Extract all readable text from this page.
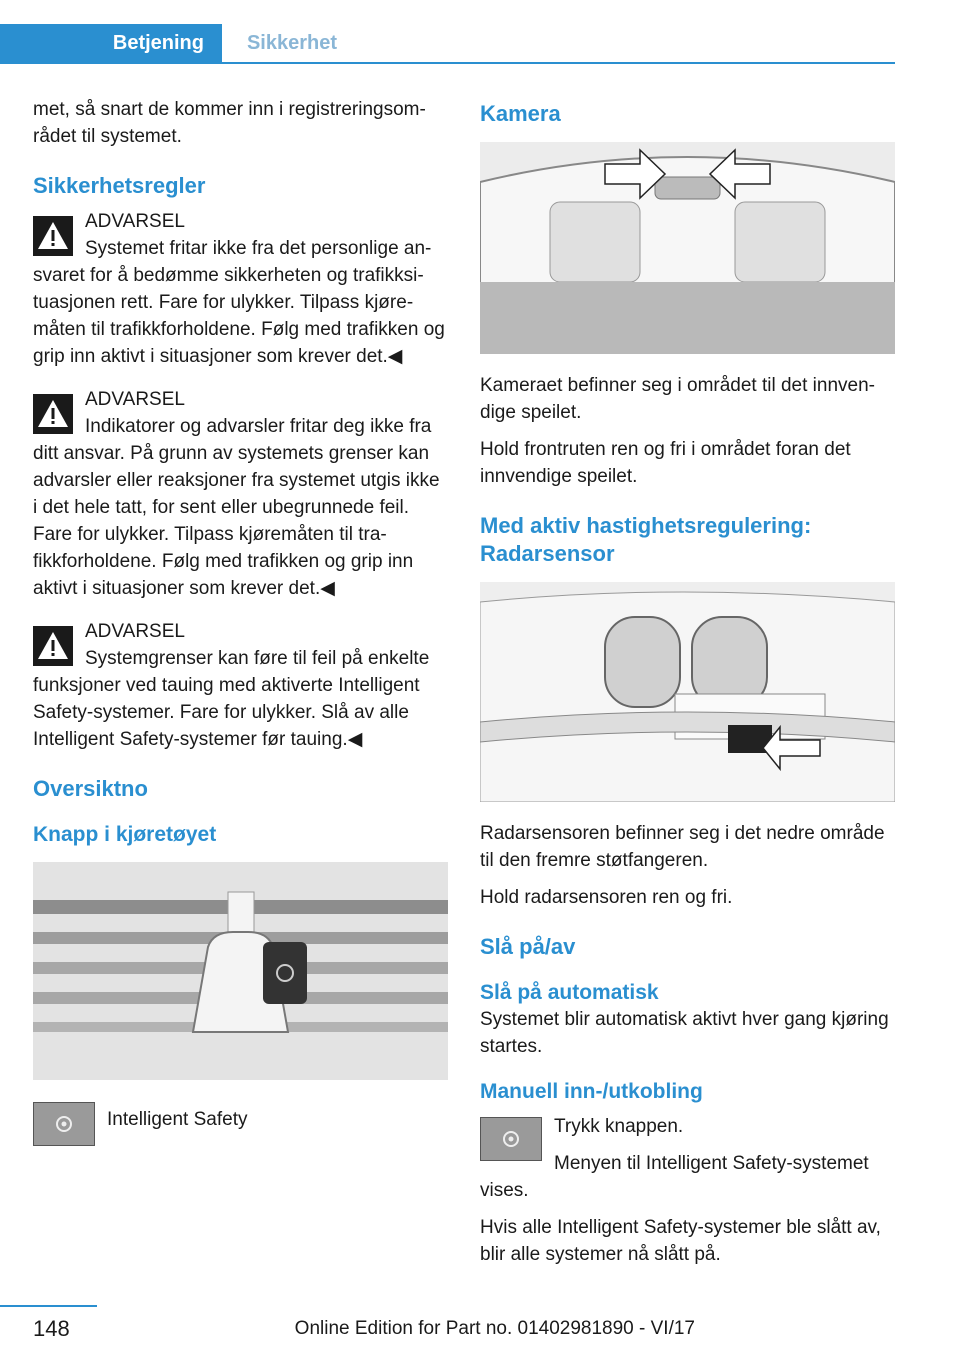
Betjening	Sikkerhet

met, så snart de kommer inn i registreringsområdet til systemet.

Sikkerhetsregler

ADVARSEL

Systemet fritar ikke fra det personlige ansvaret for å bedømme sikkerheten og trafikksituasjonen rett. Fare for ulykker. Tilpass kjøremåten til trafikkforholdene. Følg med trafikken og grip inn aktivt i situasjoner som krever det.◀

ADVARSEL

Indikatorer og advarsler fritar deg ikke fra ditt ansvar. På grunn av systemets grenser kan advarsler eller reaksjoner fra systemet utgis ikke i det hele tatt, for sent eller ubegrunnede feil. Fare for ulykker. Tilpass kjøremåten til trafikkforholdene. Følg med trafikken og grip inn aktivt i situasjoner som krever det.◀

ADVARSEL

Systemgrenser kan føre til feil på enkelte funksjoner ved tauing med aktiverte Intelligent Safety-systemer. Fare for ulykker. Slå av alle Intelligent Safety-systemer før tauing.◀

Oversiktno
Knapp i kjøretøyet

Intelligent Safety

Kamera

Kameraet befinner seg i området til det innvendige speilet.

Hold frontruten ren og fri i området foran det innvendige speilet.

Med aktiv hastighetsregulering: Radarsensor

Radarsensoren befinner seg i det nedre område til den fremre støtfangeren.

Hold radarsensoren ren og fri.

Slå på/av
Slå på automatisk

Systemet blir automatisk aktivt hver gang kjøring startes.

Manuell inn-/utkobling

Trykk knappen.

Menyen til Intelligent Safety-systemet vises.

Hvis alle Intelligent Safety-systemer ble slått av, blir alle systemer nå slått på.

148	Online Edition for Part no. 01402981890 - VI/17
